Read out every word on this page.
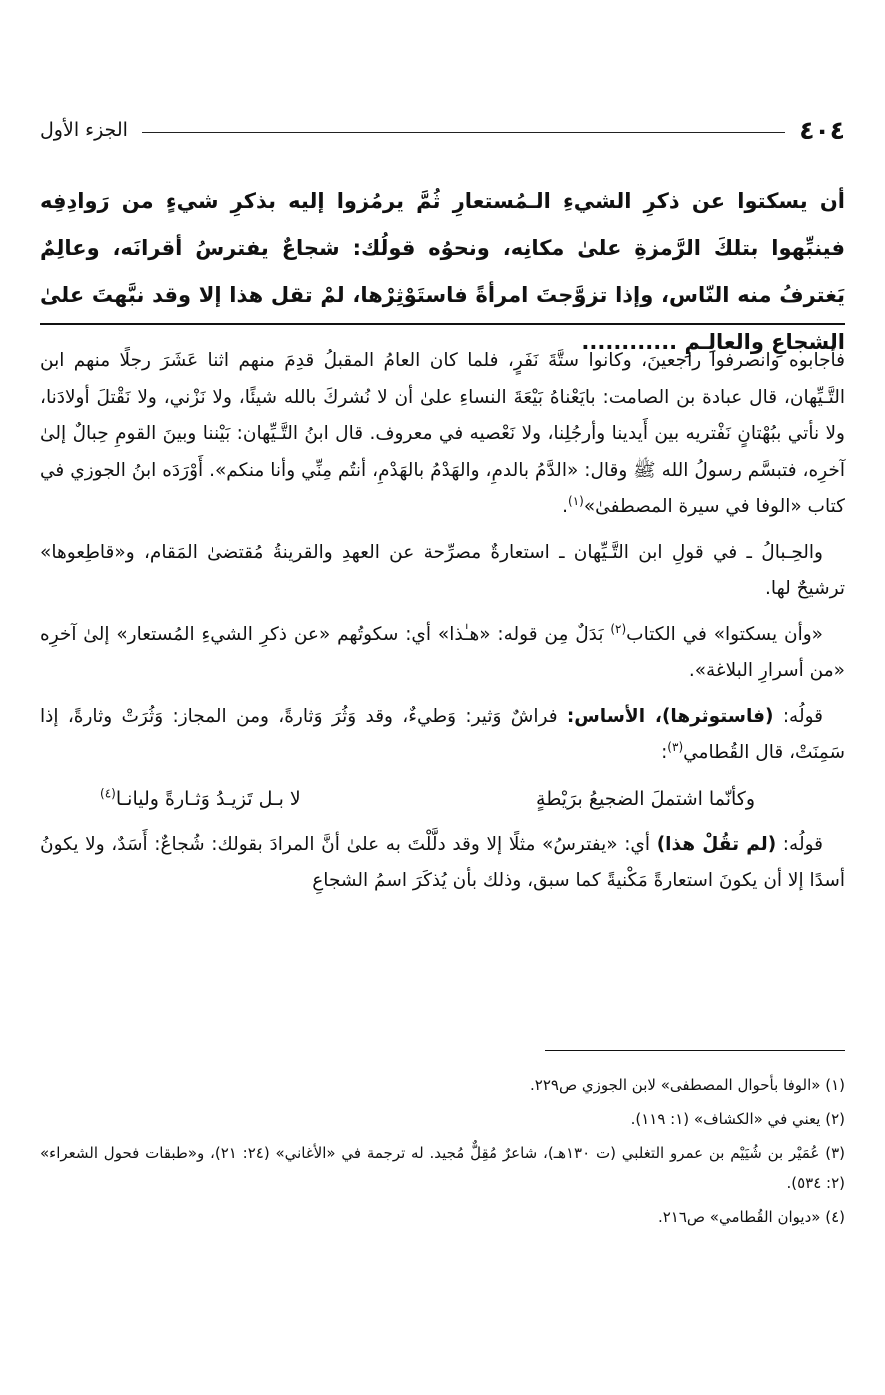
٤٠٤
الجزء الأول
أن يسكتوا عن ذكرِ الشيءِ الـمُستعارِ ثُمَّ يرمُزوا إليه بذكرِ شيءٍ من رَوادِفِه فينبِّهوا بتلكَ الرَّمزةِ علىٰ مكانِه، ونحوُه قولُك: شجاعٌ يفترسُ أقرانَه، وعالِمٌ يَغترفُ منه النّاس، وإذا تزوَّجتَ امرأةً فاستَوْثِرْها، لمْ تقل هذا إلا وقد نبَّهتَ علىٰ الشجاعِ والعالِـمِ ............

فأجابوه وانصرفوا راجعينَ، وكانوا ستَّةَ نَفَرٍ، فلما كان العامُ المقبلُ قدِمَ منهم اثنا عَشَرَ رجلًا منهم ابن التَّـيِّهان، قال عبادة بن الصامت: بايَعْناهُ بَيْعَةَ النساءِ علىٰ أن لا نُشركَ بالله شيئًا، ولا نَزْني، ولا نَقْتلَ أولادَنا، ولا نأتي ببُهْتانٍ نَفْتريه بين أَيدينا وأرجُلِنا، ولا نَعْصيه في معروف. قال ابنُ التَّـيِّهان: بَيْننا وبينَ القومِ حِبالٌ إلىٰ آخرِه، فتبسَّم رسولُ الله ﷺ وقال: «الدَّمُ بالدمِ، والهَدْمُ بالهَدْمِ، أنتُم مِنِّي وأنا منكم». أَوْرَدَه ابنُ الجوزي في كتاب «الوفا في سيرة المصطفىٰ»$^{(١)}$.

والحِـبالُ ـ في قولِ ابن التَّـيِّهان ـ استعارةٌ مصرِّحة عن العهدِ والقرينةُ مُقتضىٰ المَقام، و«قاطِعوها» ترشيحٌ لها.

«وأن يسكتوا» في الكتاب$^{(٢)}$ بَدَلٌ مِن قوله: «هـٰذا» أي: سكوتُهم «عن ذكرِ الشيءِ المُستعار» إلىٰ آخرِه «من أسرارِ البلاغة».

قولُه: (فاستوثرها)، الأساس: فراشٌ وَثير: وَطيءٌ، وقد وَثُرَ وَثارةً، ومن المجاز: وَثُرَتْ وثارةً، إذا سَمِنَتْ، قال القُطامي$^{(٣)}$:

وكأنّما اشتملَ الضجيعُ برَيْطةٍ
لا بـل تَزيـدُ وَثـارةً وليانـا$^{(٤)}$

قولُه: (لم تقُلْ هذا) أي: «يفترسُ» مثلًا إلا وقد دلَّلْتَ به علىٰ أنَّ المرادَ بقولك: شُجاعٌ: أَسَدٌ، ولا يكونُ أسدًا إلا أن يكونَ استعارةً مَكْنيةً كما سبق، وذلك بأن يُذكَرَ اسمُ الشجاعِ

(١) «الوفا بأحوال المصطفى» لابن الجوزي ص٢٢٩.
(٢) يعني في «الكشاف» (١: ١١٩).
(٣) عُمَيْر بن شُيَيْم بن عمرو التغلبي (ت ١٣٠هـ)، شاعرٌ مُقِلٌّ مُجيد. له ترجمة في «الأغاني» (٢٤: ٢١)، و«طبقات فحول الشعراء» (٢: ٥٣٤).
(٤) «ديوان القُطامي» ص٢١٦.
